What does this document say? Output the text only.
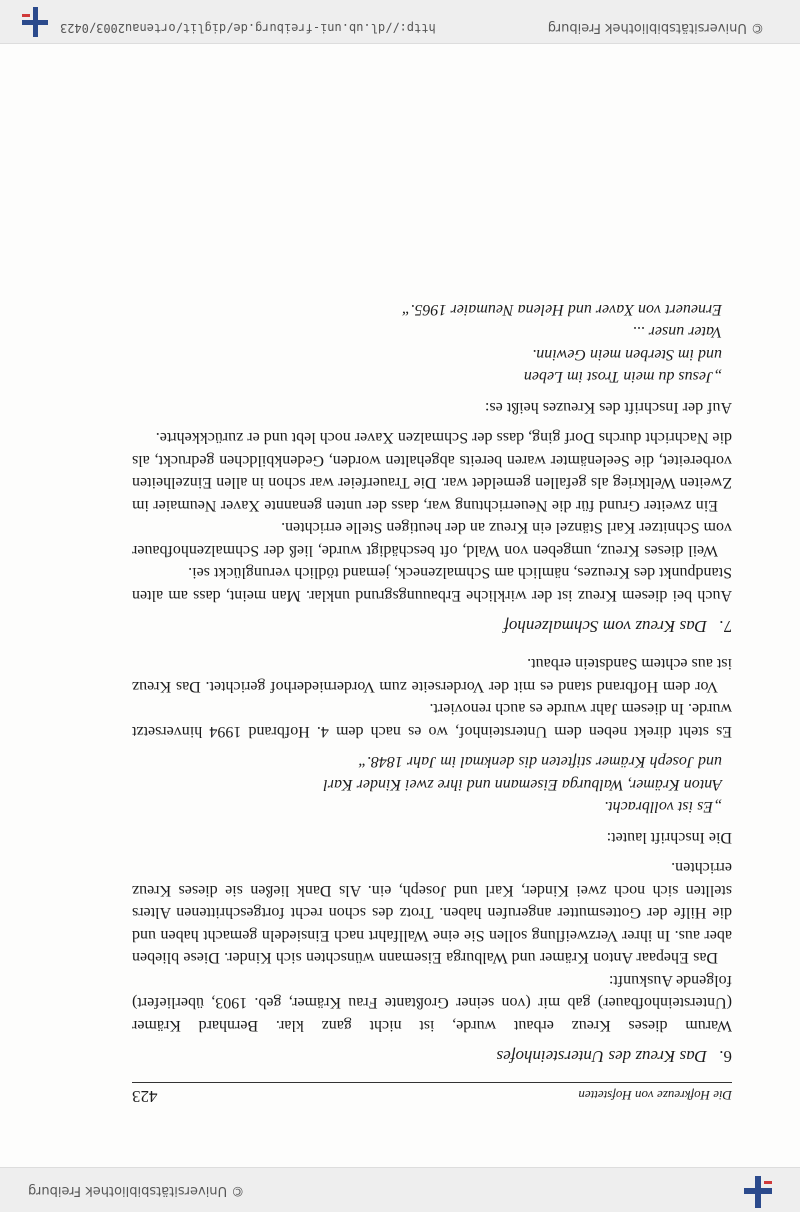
© Universitätsbibliothek Freiburg
Die Hofkreuze von Hofstetten
423
6. Das Kreuz des Untersteinhofes

Warum dieses Kreuz erbaut wurde, ist nicht ganz klar. Bernhard Krämer (Untersteinhofbauer) gab mir (von seiner Großtante Frau Krämer, geb. 1903, überliefert) folgende Auskunft:

Das Ehepaar Anton Krämer und Walburga Eisemann wünschten sich Kinder. Diese blieben aber aus. In ihrer Verzweiflung sollen Sie eine Wallfahrt nach Einsiedeln gemacht haben und die Hilfe der Gottesmutter angerufen haben. Trotz des schon recht fortgeschrittenen Alters stellten sich noch zwei Kinder, Karl und Joseph, ein. Als Dank ließen sie dieses Kreuz errichten.

Die Inschrift lautet:

„Es ist vollbracht.
Anton Krämer, Walburga Eisemann und ihre zwei Kinder Karl
und Joseph Krämer stifteten dis denkmal im Jahr 1848.“

Es steht direkt neben dem Untersteinhof, wo es nach dem 4. Hofbrand 1994 hinversetzt wurde. In diesem Jahr wurde es auch renoviert.

Vor dem Hofbrand stand es mit der Vorderseite zum Vorderniederhof gerichtet. Das Kreuz ist aus echtem Sandstein erbaut.

7. Das Kreuz vom Schmalzenhof

Auch bei diesem Kreuz ist der wirkliche Erbauungsgrund unklar. Man meint, dass am alten Standpunkt des Kreuzes, nämlich am Schmalzeneck, jemand tödlich verunglückt sei.

Weil dieses Kreuz, umgeben von Wald, oft beschädigt wurde, ließ der Schmalzenhofbauer vom Schnitzer Karl Stänzel ein Kreuz an der heutigen Stelle errichten.

Ein zweiter Grund für die Neuerrichtung war, dass der unten genannte Xaver Neumaier im Zweiten Weltkrieg als gefallen gemeldet war. Die Trauerfeier war schon in allen Einzelheiten vorbereitet, die Seelenämter waren bereits abgehalten worden, Gedenkbildchen gedruckt, als die Nachricht durchs Dorf ging, dass der Schmalzen Xaver noch lebt und er zurückkehrte.

Auf der Inschrift des Kreuzes heißt es:

„Jesus du mein Trost im Leben
und im Sterben mein Gewinn.
Vater unser ...
Erneuert von Xaver und Helena Neumaier 1965.“
© Universitätsbibliothek Freiburg
http://dl.ub.uni-freiburg.de/diglit/ortenau2003/0423
